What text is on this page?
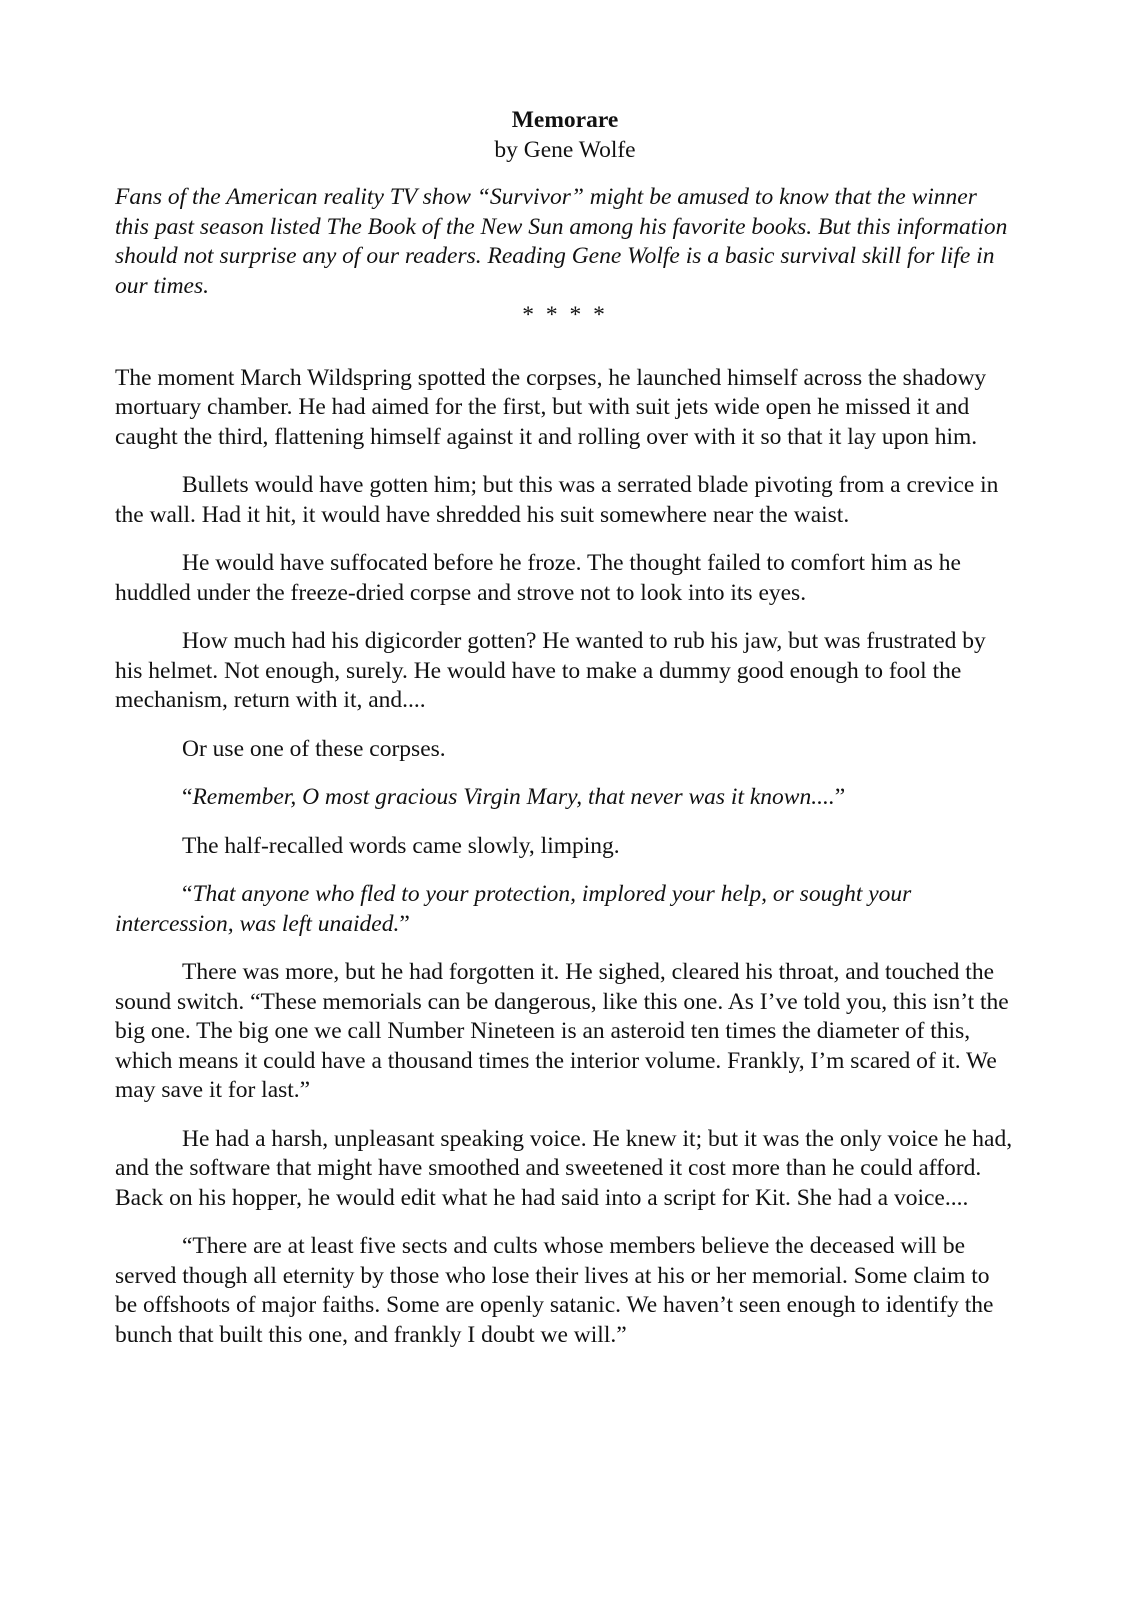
Memorare
by Gene Wolfe

Fans of the American reality TV show “Survivor” might be amused to know that the winner this past season listed The Book of the New Sun among his favorite books. But this information should not surprise any of our readers. Reading Gene Wolfe is a basic survival skill for life in our times.

* * * *

The moment March Wildspring spotted the corpses, he launched himself across the shadowy mortuary chamber. He had aimed for the first, but with suit jets wide open he missed it and caught the third, flattening himself against it and rolling over with it so that it lay upon him.

Bullets would have gotten him; but this was a serrated blade pivoting from a crevice in the wall. Had it hit, it would have shredded his suit somewhere near the waist.

He would have suffocated before he froze. The thought failed to comfort him as he huddled under the freeze-dried corpse and strove not to look into its eyes.

How much had his digicorder gotten? He wanted to rub his jaw, but was frustrated by his helmet. Not enough, surely. He would have to make a dummy good enough to fool the mechanism, return with it, and....

Or use one of these corpses.

“Remember, O most gracious Virgin Mary, that never was it known....”

The half-recalled words came slowly, limping.

“That anyone who fled to your protection, implored your help, or sought your intercession, was left unaided.”

There was more, but he had forgotten it. He sighed, cleared his throat, and touched the sound switch. “These memorials can be dangerous, like this one. As I’ve told you, this isn’t the big one. The big one we call Number Nineteen is an asteroid ten times the diameter of this, which means it could have a thousand times the interior volume. Frankly, I’m scared of it. We may save it for last.”

He had a harsh, unpleasant speaking voice. He knew it; but it was the only voice he had, and the software that might have smoothed and sweetened it cost more than he could afford. Back on his hopper, he would edit what he had said into a script for Kit. She had a voice....

“There are at least five sects and cults whose members believe the deceased will be served though all eternity by those who lose their lives at his or her memorial. Some claim to be offshoots of major faiths. Some are openly satanic. We haven’t seen enough to identify the bunch that built this one, and frankly I doubt we will.”
